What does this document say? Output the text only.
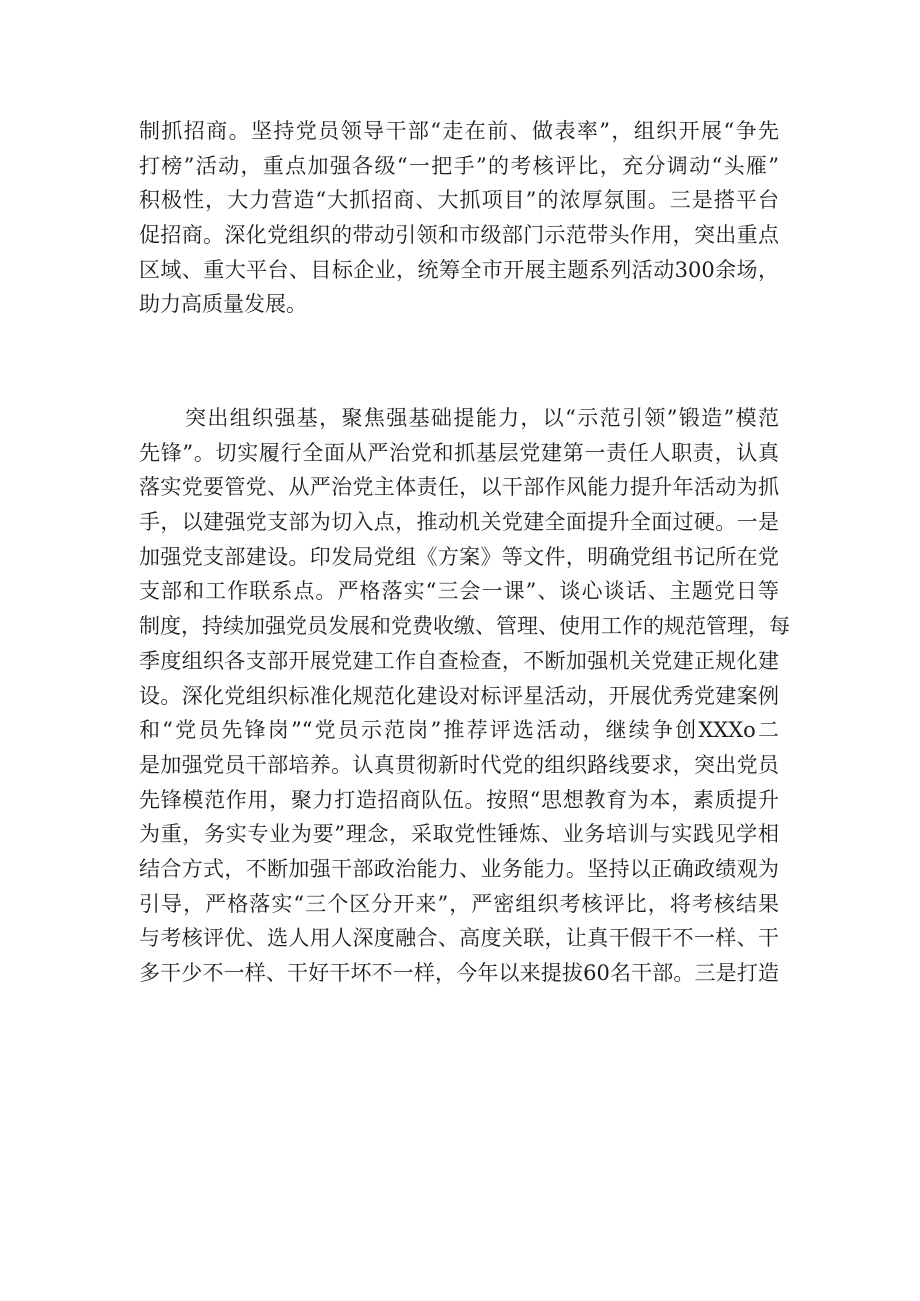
制抓招商。坚持党员领导干部“走在前、做表率”，组织开展“争先
打榜”活动，重点加强各级“一把手”的考核评比，充分调动“头雁”
积极性，大力营造“大抓招商、大抓项目”的浓厚氛围。三是搭平台
促招商。深化党组织的带动引领和市级部门示范带头作用，突出重点
区域、重大平台、目标企业，统筹全市开展主题系列活动300余场，
助力高质量发展。
突出组织强基，聚焦强基础提能力，以“示范引领”锻造”模范
先锋”。切实履行全面从严治党和抓基层党建第一责任人职责，认真
落实党要管党、从严治党主体责任，以干部作风能力提升年活动为抓
手，以建强党支部为切入点，推动机关党建全面提升全面过硬。一是
加强党支部建设。印发局党组《方案》等文件，明确党组书记所在党
支部和工作联系点。严格落实“三会一课”、谈心谈话、主题党日等
制度，持续加强党员发展和党费收缴、管理、使用工作的规范管理，每
季度组织各支部开展党建工作自查检查，不断加强机关党建正规化建
设。深化党组织标准化规范化建设对标评星活动，开展优秀党建案例
和“党员先锋岗”“党员示范岗”推荐评选活动，继续争创XXXo二
是加强党员干部培养。认真贯彻新时代党的组织路线要求，突出党员
先锋模范作用，聚力打造招商队伍。按照“思想教育为本，素质提升
为重，务实专业为要”理念，采取党性锤炼、业务培训与实践见学相
结合方式，不断加强干部政治能力、业务能力。坚持以正确政绩观为
引导，严格落实“三个区分开来”，严密组织考核评比，将考核结果
与考核评优、选人用人深度融合、高度关联，让真干假干不一样、干
多干少不一样、干好干坏不一样，今年以来提拔60名干部。三是打造
